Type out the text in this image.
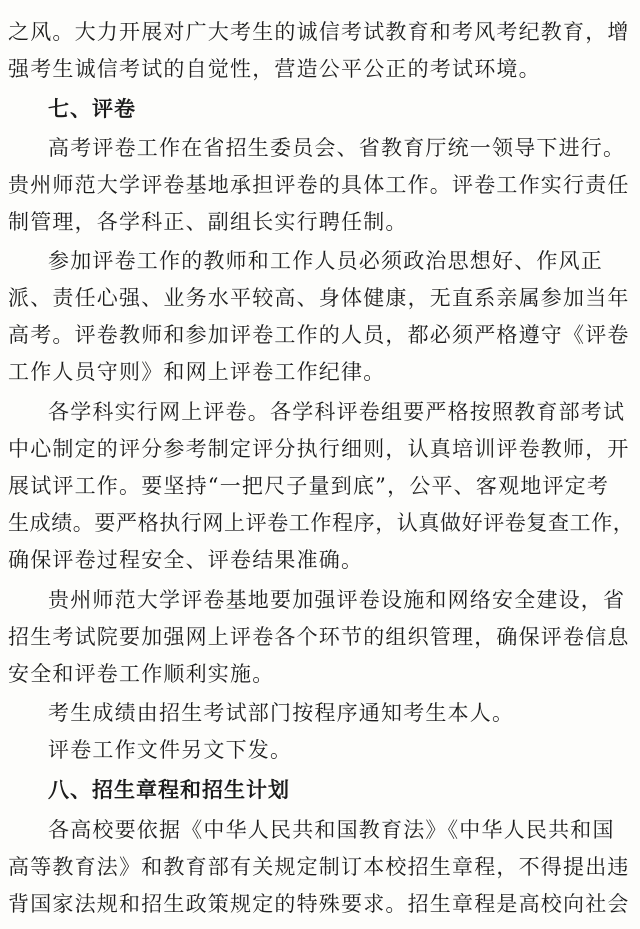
之风。大力开展对广大考生的诚信考试教育和考风考纪教育，增
强考生诚信考试的自觉性，营造公平公正的考试环境。
七、评卷
高考评卷工作在省招生委员会、省教育厅统一领导下进行。
贵州师范大学评卷基地承担评卷的具体工作。评卷工作实行责任
制管理，各学科正、副组长实行聘任制。
参加评卷工作的教师和工作人员必须政治思想好、作风正
派、责任心强、业务水平较高、身体健康，无直系亲属参加当年
高考。评卷教师和参加评卷工作的人员，都必须严格遵守《评卷
工作人员守则》和网上评卷工作纪律。
各学科实行网上评卷。各学科评卷组要严格按照教育部考试
中心制定的评分参考制定评分执行细则，认真培训评卷教师，开
展试评工作。要坚持“一把尺子量到底”，公平、客观地评定考
生成绩。要严格执行网上评卷工作程序，认真做好评卷复查工作，
确保评卷过程安全、评卷结果准确。
贵州师范大学评卷基地要加强评卷设施和网络安全建设，省
招生考试院要加强网上评卷各个环节的组织管理，确保评卷信息
安全和评卷工作顺利实施。
考生成绩由招生考试部门按程序通知考生本人。
评卷工作文件另文下发。
八、招生章程和招生计划
各高校要依据《中华人民共和国教育法》《中华人民共和国
高等教育法》和教育部有关规定制订本校招生章程，不得提出违
背国家法规和招生政策规定的特殊要求。招生章程是高校向社会
